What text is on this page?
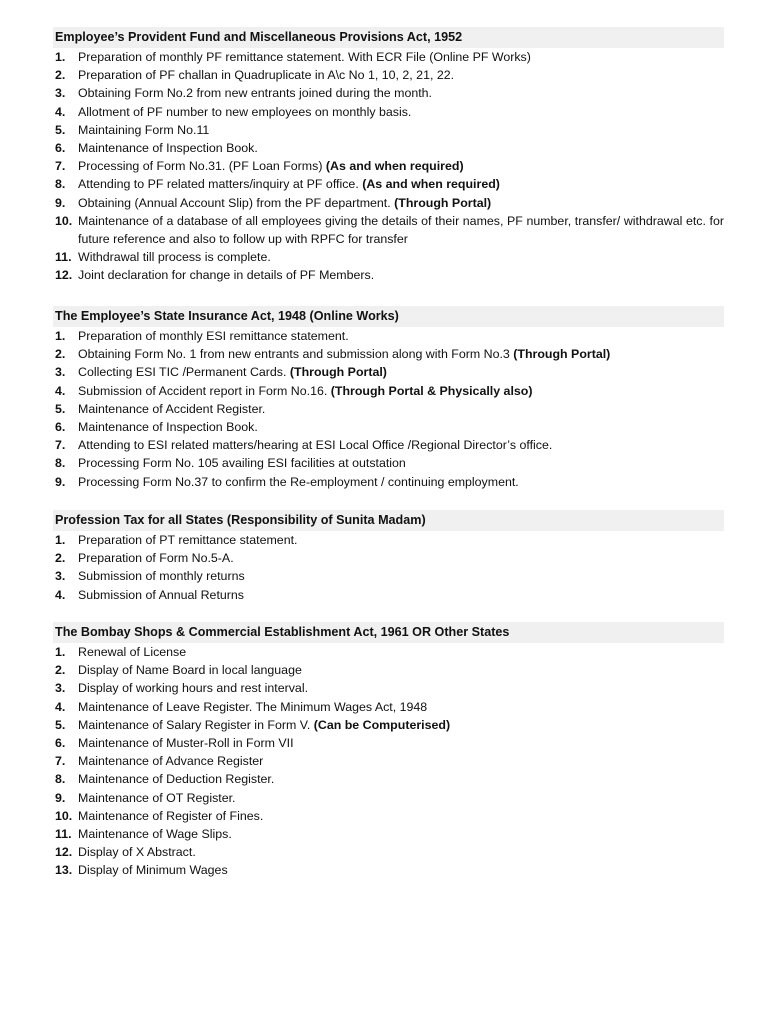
Employee’s Provident Fund and Miscellaneous Provisions Act, 1952
1. Preparation of monthly PF remittance statement. With ECR File (Online PF Works)
2. Preparation of PF challan in Quadruplicate in A\c No 1, 10, 2, 21, 22.
3. Obtaining Form No.2 from new entrants joined during the month.
4. Allotment of PF number to new employees on monthly basis.
5. Maintaining Form No.11
6. Maintenance of Inspection Book.
7. Processing of Form No.31. (PF Loan Forms) (As and when required)
8. Attending to PF related matters/inquiry at PF office. (As and when required)
9. Obtaining (Annual Account Slip) from the PF department. (Through Portal)
10. Maintenance of a database of all employees giving the details of their names, PF number, transfer/ withdrawal etc. for future reference and also to follow up with RPFC for transfer
11. Withdrawal till process is complete.
12. Joint declaration for change in details of PF Members.
The Employee’s State Insurance Act, 1948 (Online Works)
1. Preparation of monthly ESI remittance statement.
2. Obtaining Form No. 1 from new entrants and submission along with Form No.3 (Through Portal)
3. Collecting ESI TIC /Permanent Cards. (Through Portal)
4. Submission of Accident report in Form No.16. (Through Portal & Physically also)
5. Maintenance of Accident Register.
6. Maintenance of Inspection Book.
7. Attending to ESI related matters/hearing at ESI Local Office /Regional Director’s office.
8. Processing Form No. 105 availing ESI facilities at outstation
9. Processing Form No.37 to confirm the Re-employment / continuing employment.
Profession Tax for all States (Responsibility of Sunita Madam)
1. Preparation of PT remittance statement.
2. Preparation of Form No.5-A.
3. Submission of monthly returns
4. Submission of Annual Returns
The Bombay Shops & Commercial Establishment Act, 1961 OR Other States
1. Renewal of License
2. Display of Name Board in local language
3. Display of working hours and rest interval.
4. Maintenance of Leave Register. The Minimum Wages Act, 1948
5. Maintenance of Salary Register in Form V. (Can be Computerised)
6. Maintenance of Muster-Roll in Form VII
7. Maintenance of Advance Register
8. Maintenance of Deduction Register.
9. Maintenance of OT Register.
10. Maintenance of Register of Fines.
11. Maintenance of Wage Slips.
12. Display of X Abstract.
13. Display of Minimum Wages
